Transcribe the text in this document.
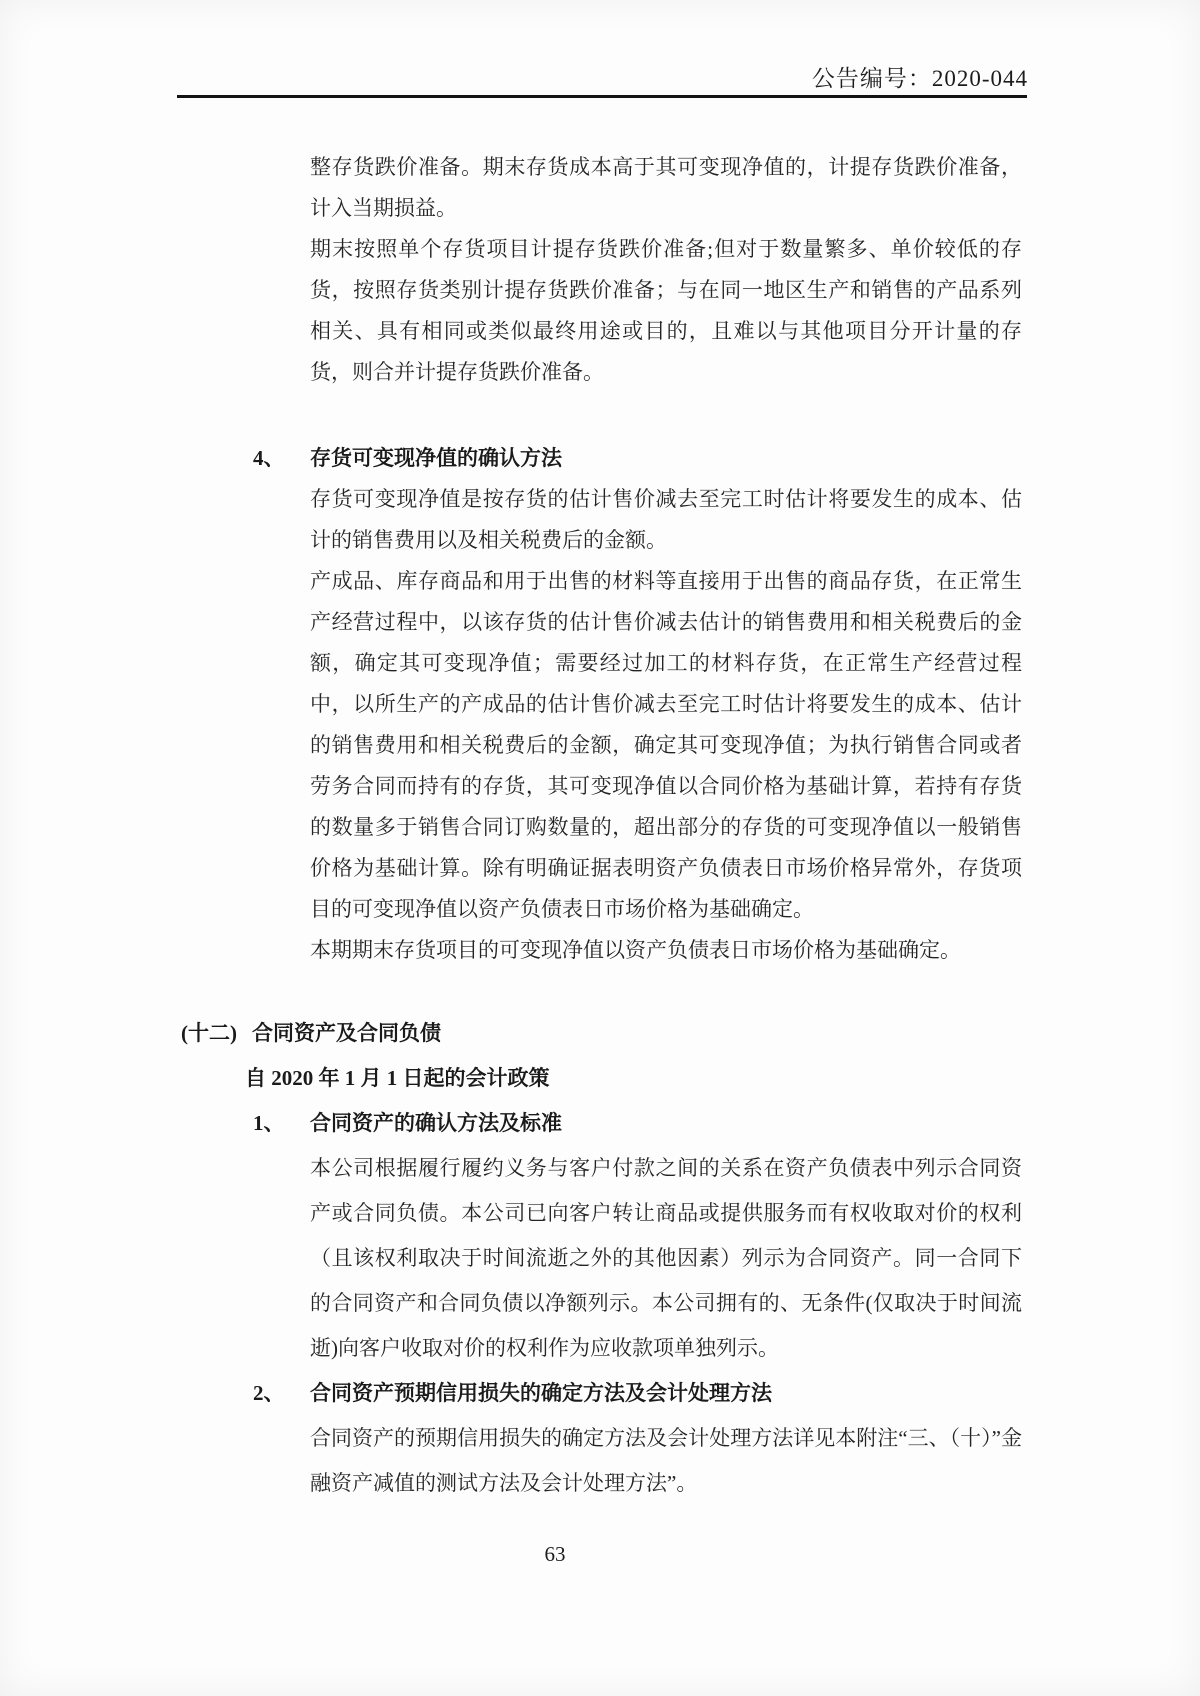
公告编号：2020-044

整存货跌价准备。期末存货成本高于其可变现净值的，计提存货跌价准备，计入当期损益。

期末按照单个存货项目计提存货跌价准备;但对于数量繁多、单价较低的存货，按照存货类别计提存货跌价准备；与在同一地区生产和销售的产品系列相关、具有相同或类似最终用途或目的，且难以与其他项目分开计量的存货，则合并计提存货跌价准备。

4、	存货可变现净值的确认方法

存货可变现净值是按存货的估计售价减去至完工时估计将要发生的成本、估计的销售费用以及相关税费后的金额。

产成品、库存商品和用于出售的材料等直接用于出售的商品存货，在正常生产经营过程中，以该存货的估计售价减去估计的销售费用和相关税费后的金额，确定其可变现净值；需要经过加工的材料存货，在正常生产经营过程中，以所生产的产成品的估计售价减去至完工时估计将要发生的成本、估计的销售费用和相关税费后的金额，确定其可变现净值；为执行销售合同或者劳务合同而持有的存货，其可变现净值以合同价格为基础计算，若持有存货的数量多于销售合同订购数量的，超出部分的存货的可变现净值以一般销售价格为基础计算。除有明确证据表明资产负债表日市场价格异常外，存货项目的可变现净值以资产负债表日市场价格为基础确定。

本期期末存货项目的可变现净值以资产负债表日市场价格为基础确定。

(十二) 合同资产及合同负债
自 2020 年 1 月 1 日起的会计政策
1、	合同资产的确认方法及标准

本公司根据履行履约义务与客户付款之间的关系在资产负债表中列示合同资产或合同负债。本公司已向客户转让商品或提供服务而有权收取对价的权利（且该权利取决于时间流逝之外的其他因素）列示为合同资产。同一合同下的合同资产和合同负债以净额列示。本公司拥有的、无条件(仅取决于时间流逝)向客户收取对价的权利作为应收款项单独列示。

2、	合同资产预期信用损失的确定方法及会计处理方法

合同资产的预期信用损失的确定方法及会计处理方法详见本附注“三、（十）”金融资产减值的测试方法及会计处理方法”。

63
